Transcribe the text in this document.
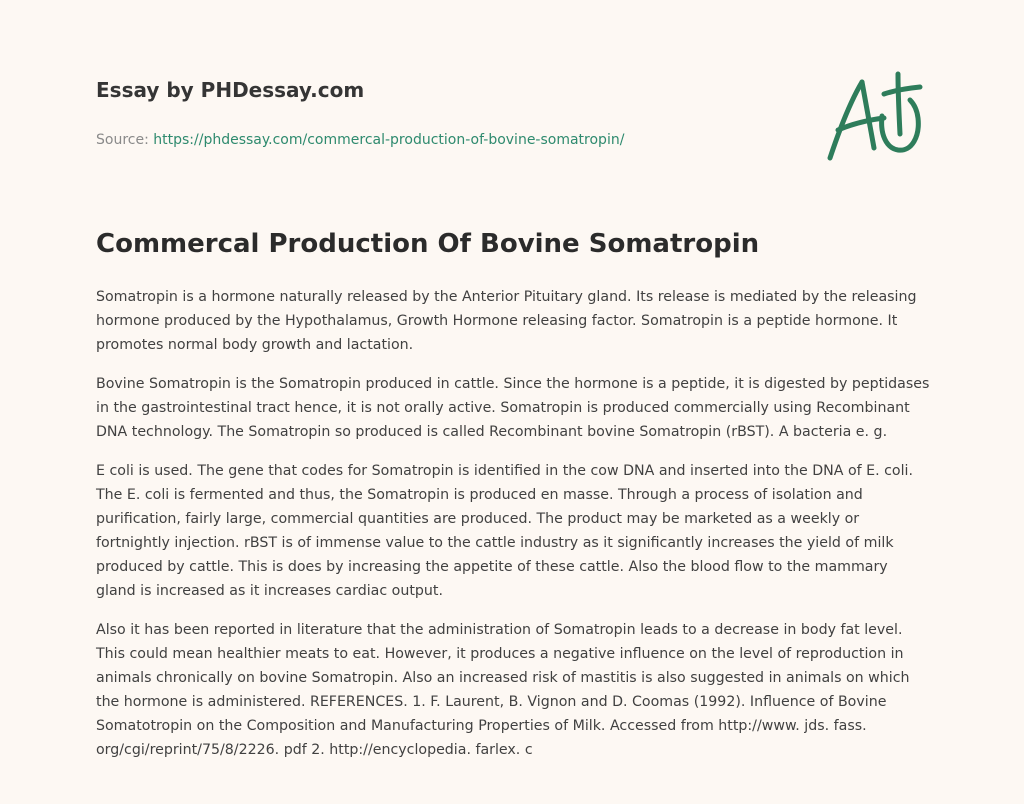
Essay by PHDessay.com
Source: https://phdessay.com/commercal-production-of-bovine-somatropin/
Commercal Production Of Bovine Somatropin

Somatropin is a hormone naturally released by the Anterior Pituitary gland. Its release is mediated by the releasing hormone produced by the Hypothalamus, Growth Hormone releasing factor. Somatropin is a peptide hormone. It promotes normal body growth and lactation.

Bovine Somatropin is the Somatropin produced in cattle. Since the hormone is a peptide, it is digested by peptidases in the gastrointestinal tract hence, it is not orally active. Somatropin is produced commercially using Recombinant DNA technology. The Somatropin so produced is called Recombinant bovine Somatropin (rBST). A bacteria e. g.

E coli is used. The gene that codes for Somatropin is identified in the cow DNA and inserted into the DNA of E. coli. The E. coli is fermented and thus, the Somatropin is produced en masse. Through a process of isolation and purification, fairly large, commercial quantities are produced. The product may be marketed as a weekly or fortnightly injection. rBST is of immense value to the cattle industry as it significantly increases the yield of milk produced by cattle. This is does by increasing the appetite of these cattle. Also the blood flow to the mammary gland is increased as it increases cardiac output.

Also it has been reported in literature that the administration of Somatropin leads to a decrease in body fat level. This could mean healthier meats to eat. However, it produces a negative influence on the level of reproduction in animals chronically on bovine Somatropin. Also an increased risk of mastitis is also suggested in animals on which the hormone is administered. REFERENCES. 1. F. Laurent, B. Vignon and D. Coomas (1992). Influence of Bovine Somatotropin on the Composition and Manufacturing Properties of Milk. Accessed from http://www. jds. fass. org/cgi/reprint/75/8/2226. pdf 2. http://encyclopedia. farlex. c
